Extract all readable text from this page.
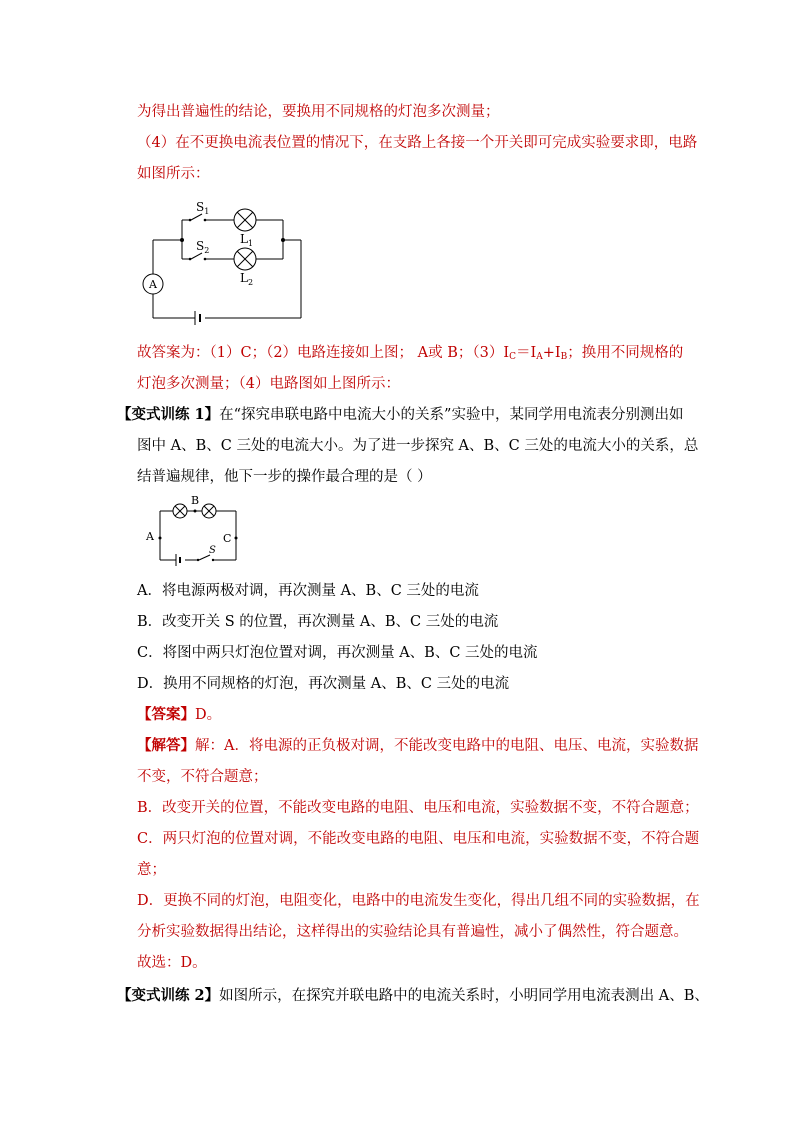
为得出普遍性的结论，要换用不同规格的灯泡多次测量；
（4）在不更换电流表位置的情况下，在支路上各接一个开关即可完成实验要求即，电路
如图所示：
$S_1$
$S_2$
$L_1$
$L_2$
A
故答案为：（1）C；（2）电路连接如上图； A或 B；$(3)I_C=I_A+I_B$；换用不同规格的
灯泡多次测量；（4）电路图如上图所示：
【变式训练 1】在“探究串联电路中电流大小的关系”实验中，某同学用电流表分别测出如
图中 A、B、C 三处的电流大小。为了进一步探究 A、B、C 三处的电流大小的关系，总
结普遍规律，他下一步的操作最合理的是（ ）
B
A	C
S
A．将电源两极对调，再次测量 A、B、C 三处的电流
B．改变开关 S 的位置，再次测量 A、B、C 三处的电流
C．将图中两只灯泡位置对调，再次测量 A、B、C 三处的电流
D．换用不同规格的灯泡，再次测量 A、B、C 三处的电流
【答案】D。
【解答】解：A．将电源的正负极对调，不能改变电路中的电阻、电压、电流，实验数据
不变，不符合题意；
B．改变开关的位置，不能改变电路的电阻、电压和电流，实验数据不变，不符合题意；
C．两只灯泡的位置对调，不能改变电路的电阻、电压和电流，实验数据不变，不符合题
意；
D．更换不同的灯泡，电阻变化，电路中的电流发生变化，得出几组不同的实验数据，在
分析实验数据得出结论，这样得出的实验结论具有普遍性，减小了偶然性，符合题意。
故选：D。
【变式训练 2】如图所示，在探究并联电路中的电流关系时，小明同学用电流表测出 A、B、
